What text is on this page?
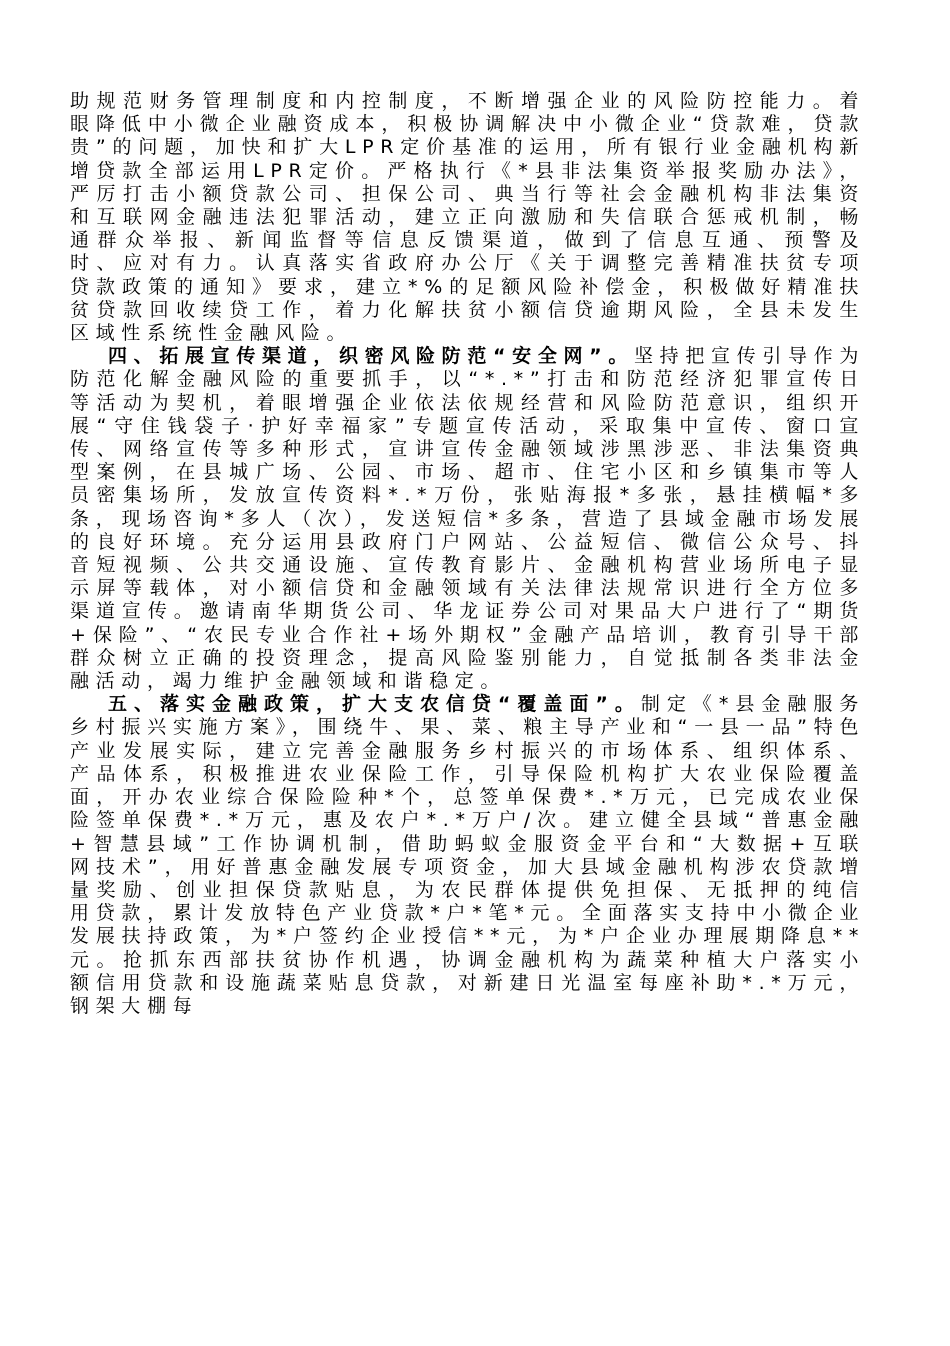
助规范财务管理制度和内控制度，不断增强企业的风险防控能力。着眼降低中小微企业融资成本，积极协调解决中小微企业“贷款难，贷款贵”的问题，加快和扩大LPR定价基准的运用，所有银行业金融机构新增贷款全部运用LPR定价。严格执行《*县非法集资举报奖励办法》，严厉打击小额贷款公司、担保公司、典当行等社会金融机构非法集资和互联网金融违法犯罪活动，建立正向激励和失信联合惩戒机制，畅通群众举报、新闻监督等信息反馈渠道，做到了信息互通、预警及时、应对有力。认真落实省政府办公厅《关于调整完善精准扶贫专项贷款政策的通知》要求，建立*%的足额风险补偿金，积极做好精准扶贫贷款回收续贷工作，着力化解扶贫小额信贷逾期风险，全县未发生区域性系统性金融风险。

四、拓展宣传渠道，织密风险防范“安全网”。坚持把宣传引导作为防范化解金融风险的重要抓手，以“*.*”打击和防范经济犯罪宣传日等活动为契机，着眼增强企业依法依规经营和风险防范意识，组织开展“守住钱袋子·护好幸福家”专题宣传活动，采取集中宣传、窗口宣传、网络宣传等多种形式，宣讲宣传金融领域涉黑涉恶、非法集资典型案例，在县城广场、公园、市场、超市、住宅小区和乡镇集市等人员密集场所，发放宣传资料*.*万份，张贴海报*多张，悬挂横幅*多条，现场咨询*多人（次），发送短信*多条，营造了县域金融市场发展的良好环境。充分运用县政府门户网站、公益短信、微信公众号、抖音短视频、公共交通设施、宣传教育影片、金融机构营业场所电子显示屏等载体，对小额信贷和金融领域有关法律法规常识进行全方位多渠道宣传。邀请南华期货公司、华龙证券公司对果品大户进行了“期货+保险”、“农民专业合作社+场外期权”金融产品培训，教育引导干部群众树立正确的投资理念，提高风险鉴别能力，自觉抵制各类非法金融活动，竭力维护金融领域和谐稳定。

五、落实金融政策，扩大支农信贷“覆盖面”。制定《*县金融服务乡村振兴实施方案》，围绕牛、果、菜、粮主导产业和“一县一品”特色产业发展实际，建立完善金融服务乡村振兴的市场体系、组织体系、产品体系，积极推进农业保险工作，引导保险机构扩大农业保险覆盖面，开办农业综合保险险种*个，总签单保费*.*万元，已完成农业保险签单保费*.*万元，惠及农户*.*万户/次。建立健全县域“普惠金融+智慧县域”工作协调机制，借助蚂蚁金服资金平台和“大数据+互联网技术”，用好普惠金融发展专项资金，加大县域金融机构涉农贷款增量奖励、创业担保贷款贴息，为农民群体提供免担保、无抵押的纯信用贷款，累计发放特色产业贷款*户*笔*元。全面落实支持中小微企业发展扶持政策，为*户签约企业授信**元，为*户企业办理展期降息**元。抢抓东西部扶贫协作机遇，协调金融机构为蔬菜种植大户落实小额信用贷款和设施蔬菜贴息贷款，对新建日光温室每座补助*.*万元，钢架大棚每
